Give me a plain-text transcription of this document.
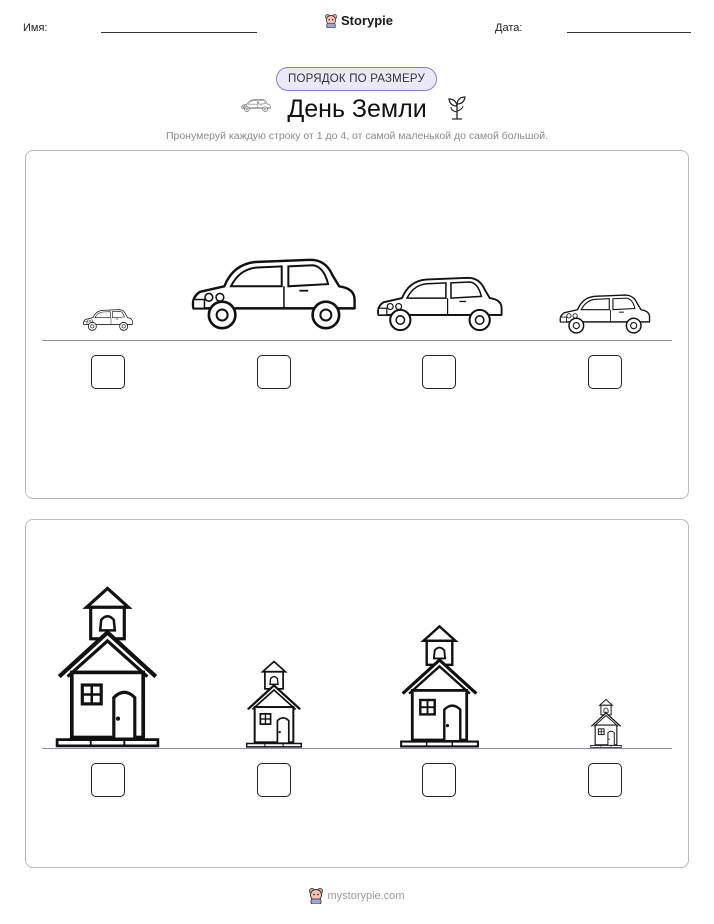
Имя:	Storypie	Дата:
ПОРЯДОК ПО РАЗМЕРУ
День Земли
Пронумеруй каждую строку от 1 до 4, от самой маленькой до самой большой.
mystorypie.com
